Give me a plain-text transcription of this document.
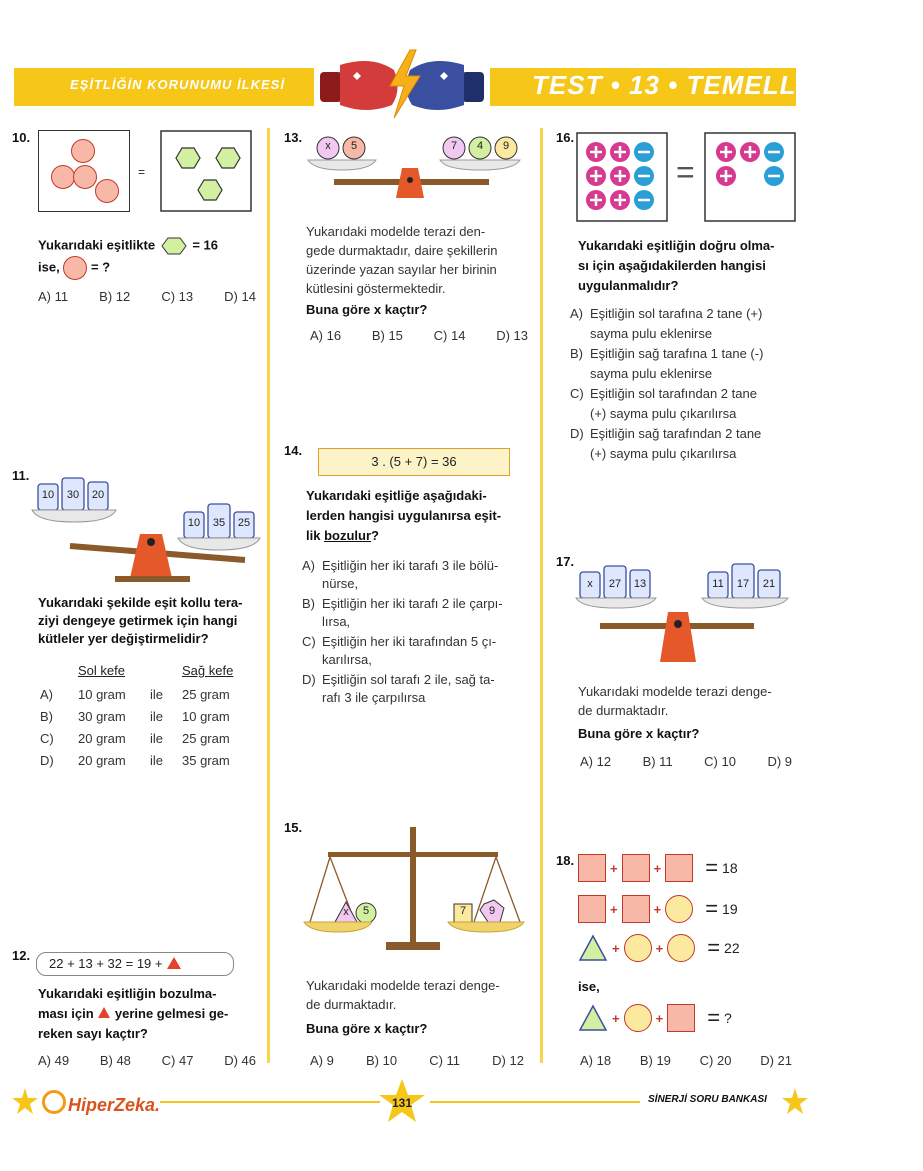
EŞİTLİĞİN KORUNUMU İLKESİ	TEST • 13 • TEMELLENDİRME
10.
=
Yukarıdaki eşitlikte	= 16
ise, = ?
A) 11 B) 12 C) 13 D) 14
11.
10	30	20
10	35	25
Yukarıdaki şekilde eşit kollu tera-
ziyi dengeye getirmek için hangi
kütleler yer değiştirmelidir?
Sol kefe	Sağ kefe
A)	10 gram	ile	25 gram
B)	30 gram	ile	10 gram
C)	20 gram	ile	25 gram
D)	20 gram	ile	35 gram
12.
22 + 13 + 32 = 19 +
Yukarıdaki eşitliğin bozulma-
ması için yerine gelmesi ge-
reken sayı kaçtır?
A) 49 B) 48 C) 47 D) 46
13.
x	5	7	4	9
Yukarıdaki modelde terazi den-
gede durmaktadır, daire şekillerin
üzerinde yazan sayılar her birinin
kütlesini göstermektedir.
Buna göre x kaçtır?
A) 16 B) 15 C) 14 D) 13
14.
3 . (5 + 7) = 36
Yukarıdaki eşitliğe aşağıdaki-
lerden hangisi uygulanırsa eşit-
lik bozulur?
A) Eşitliğin her iki tarafı 3 ile bölü-
nürse,
B) Eşitliğin her iki tarafı 2 ile çarpı-
lırsa,
C) Eşitliğin her iki tarafından 5 çı-
karılırsa,
D) Eşitliğin sol tarafı 2 ile, sağ ta-
rafı 3 ile çarpılırsa
15.
x	5	7	9
Yukarıdaki modelde terazi denge-
de durmaktadır.
Buna göre x kaçtır?
A) 9 B) 10 C) 11 D) 12
16.
=
Yukarıdaki eşitliğin doğru olma-
sı için aşağıdakilerden hangisi
uygulanmalıdır?
A) Eşitliğin sol tarafına 2 tane (+)
sayma pulu eklenirse
B) Eşitliğin sağ tarafına 1 tane (-)
sayma pulu eklenirse
C) Eşitliğin sol tarafından 2 tane
(+) sayma pulu çıkarılırsa
D) Eşitliğin sağ tarafından 2 tane
(+) sayma pulu çıkarılırsa
17.
x	27	13	11	17	21
Yukarıdaki modelde terazi denge-
de durmaktadır.
Buna göre x kaçtır?
A) 12 B) 11 C) 10 D) 9
18.	+	+ = 18
+	+ = 19
+	+ = 22
ise,
+	+ = ?
A) 18 B) 19 C) 20 D) 21
HiperZeka.	131	SİNERJİ SORU BANKASI
